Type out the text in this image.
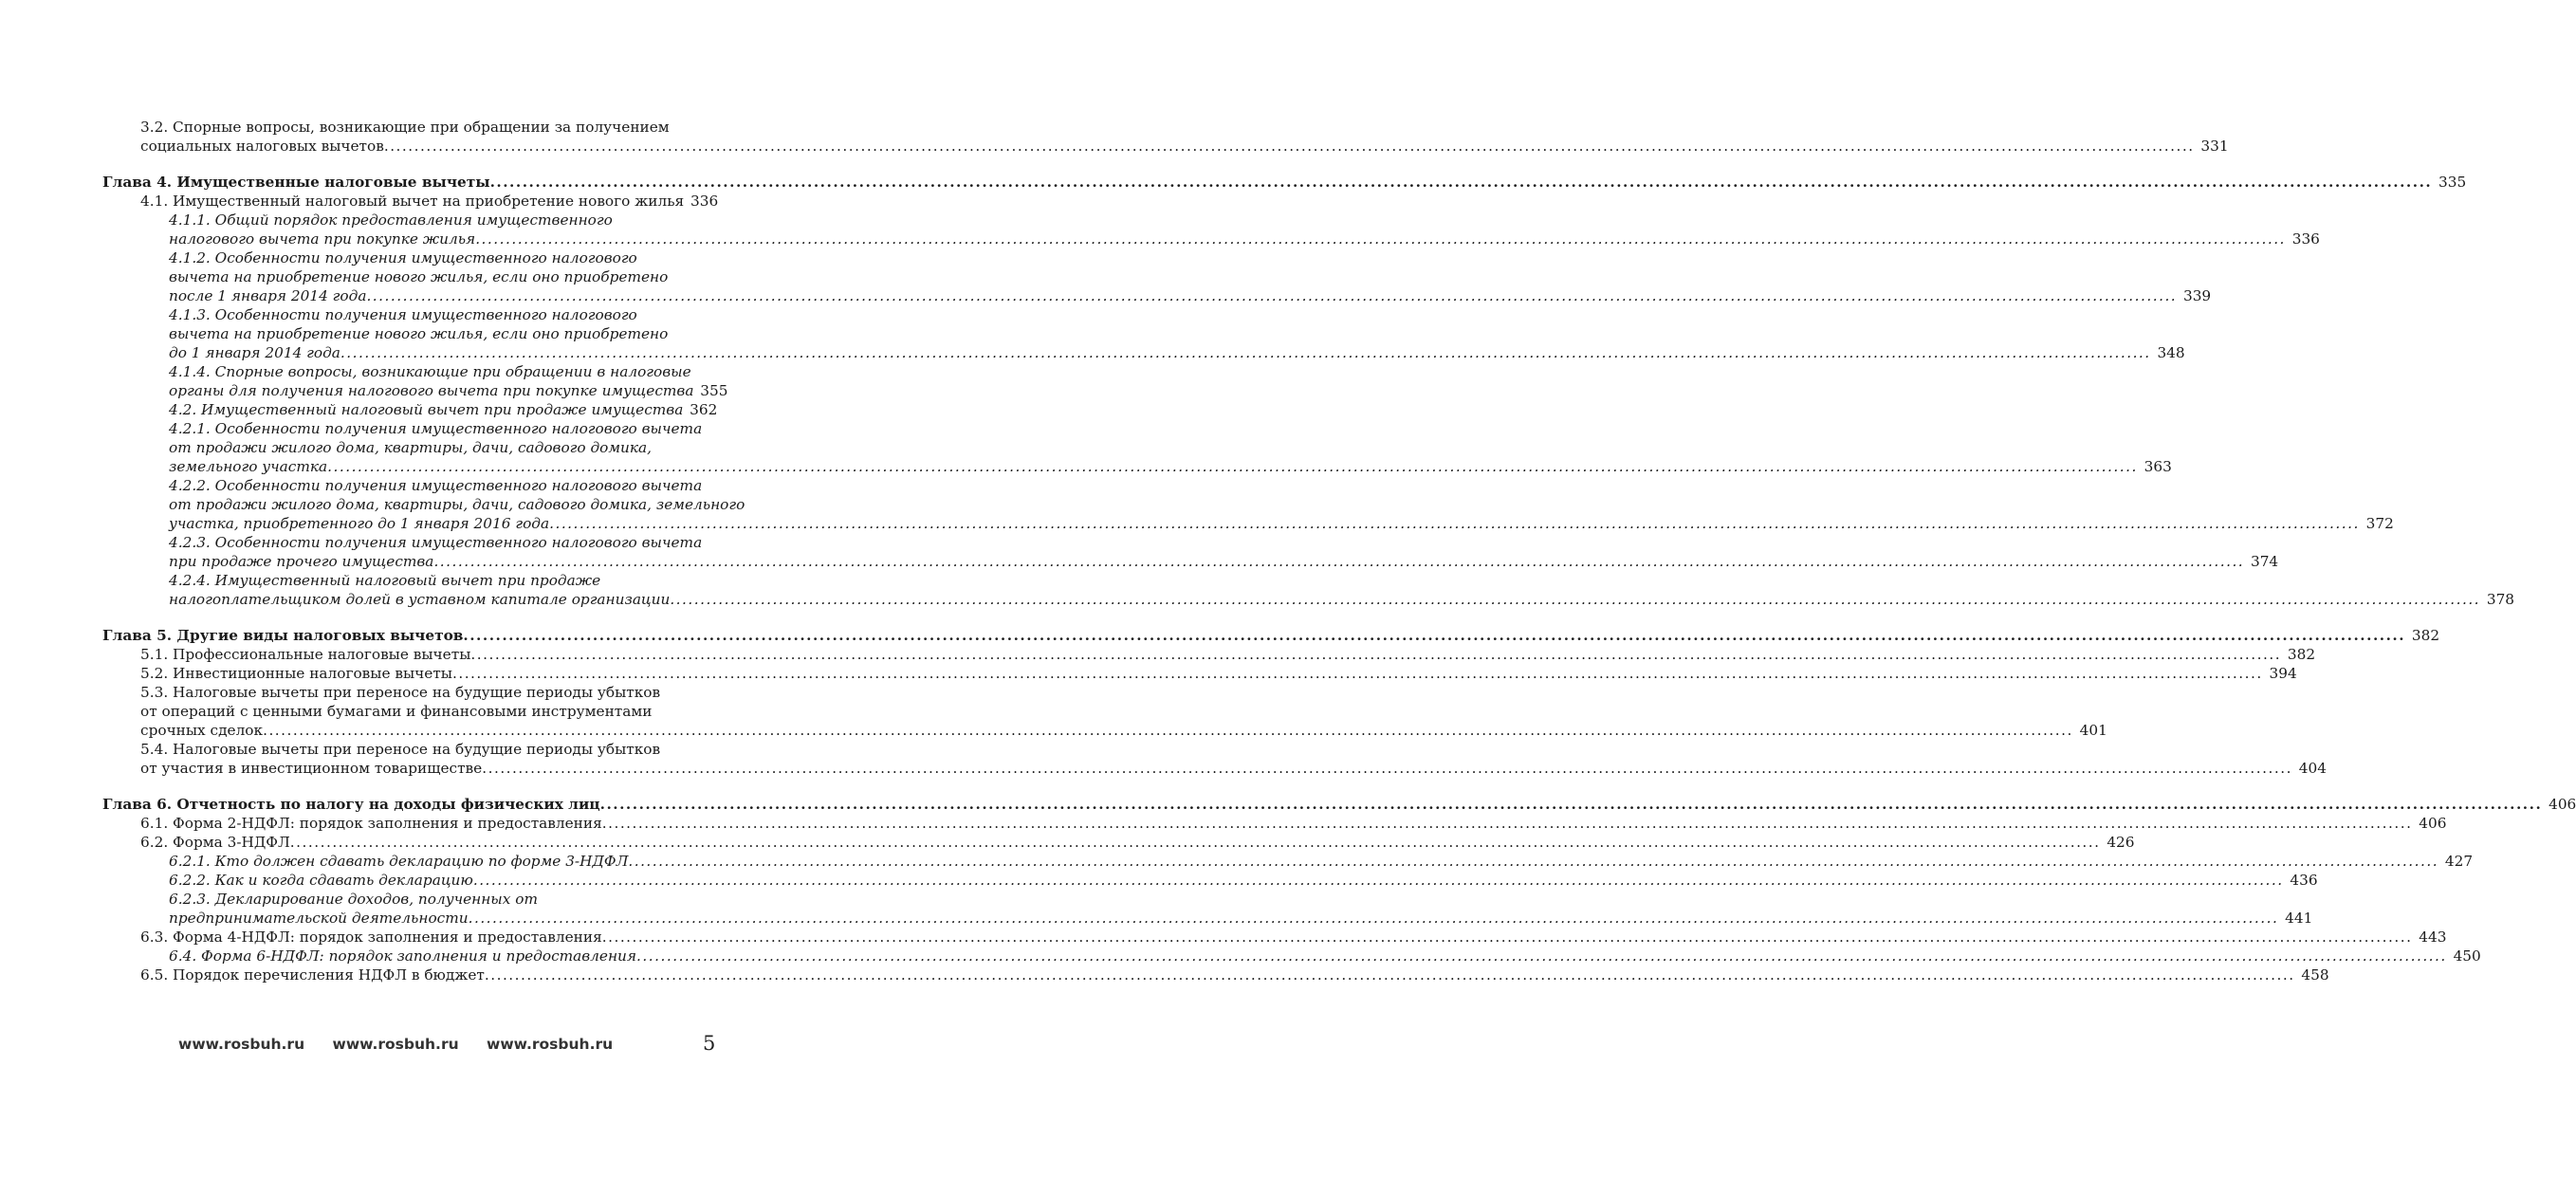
3.2. Спорные вопросы, возникающие при обращении за получением
социальных налоговых вычетов ............................................................................................................................................................................................................................................................................................................ 331
Глава 4. Имущественные налоговые вычеты ............................................................................................................................................................................................................................................................................................................ 335
4.1. Имущественный налоговый вычет на приобретение нового жилья 336
4.1.1. Общий порядок предоставления имущественного
налогового вычета при покупке жилья ............................................................................................................................................................................................................................................................................................................ 336
4.1.2. Особенности получения имущественного налогового
вычета на приобретение нового жилья, если оно приобретено
после 1 января 2014 года ............................................................................................................................................................................................................................................................................................................ 339
4.1.3. Особенности получения имущественного налогового
вычета на приобретение нового жилья, если оно приобретено
до 1 января 2014 года ............................................................................................................................................................................................................................................................................................................ 348
4.1.4. Спорные вопросы, возникающие при обращении в налоговые
органы для получения налогового вычета при покупке имущества 355
4.2. Имущественный налоговый вычет при продаже имущества 362
4.2.1. Особенности получения имущественного налогового вычета
от продажи жилого дома, квартиры, дачи, садового домика,
земельного участка ............................................................................................................................................................................................................................................................................................................ 363
4.2.2. Особенности получения имущественного налогового вычета
от продажи жилого дома, квартиры, дачи, садового домика, земельного
участка, приобретенного до 1 января 2016 года ............................................................................................................................................................................................................................................................................................................ 372
4.2.3. Особенности получения имущественного налогового вычета
при продаже прочего имущества ............................................................................................................................................................................................................................................................................................................ 374
4.2.4. Имущественный налоговый вычет при продаже
налогоплательщиком долей в уставном капитале организации ............................................................................................................................................................................................................................................................................................................ 378
Глава 5. Другие виды налоговых вычетов ............................................................................................................................................................................................................................................................................................................ 382
5.1. Профессиональные налоговые вычеты ............................................................................................................................................................................................................................................................................................................ 382
5.2. Инвестиционные налоговые вычеты ............................................................................................................................................................................................................................................................................................................ 394
5.3. Налоговые вычеты при переносе на будущие периоды убытков
от операций с ценными бумагами и финансовыми инструментами
срочных сделок ............................................................................................................................................................................................................................................................................................................ 401
5.4. Налоговые вычеты при переносе на будущие периоды убытков
от участия в инвестиционном товариществе ............................................................................................................................................................................................................................................................................................................ 404
Глава 6. Отчетность по налогу на доходы физических лиц ............................................................................................................................................................................................................................................................................................................ 406
6.1. Форма 2-НДФЛ: порядок заполнения и предоставления ............................................................................................................................................................................................................................................................................................................ 406
6.2. Форма 3-НДФЛ ............................................................................................................................................................................................................................................................................................................ 426
6.2.1. Кто должен сдавать декларацию по форме 3-НДФЛ ............................................................................................................................................................................................................................................................................................................ 427
6.2.2. Как и когда сдавать декларацию ............................................................................................................................................................................................................................................................................................................ 436
6.2.3. Декларирование доходов, полученных от
предпринимательской деятельности ............................................................................................................................................................................................................................................................................................................ 441
6.3. Форма 4-НДФЛ: порядок заполнения и предоставления ............................................................................................................................................................................................................................................................................................................ 443
6.4. Форма 6-НДФЛ: порядок заполнения и предоставления ............................................................................................................................................................................................................................................................................................................ 450
6.5. Порядок перечисления НДФЛ в бюджет ............................................................................................................................................................................................................................................................................................................ 458
www.rosbuh.ru www.rosbuh.ru www.rosbuh.ru	5
